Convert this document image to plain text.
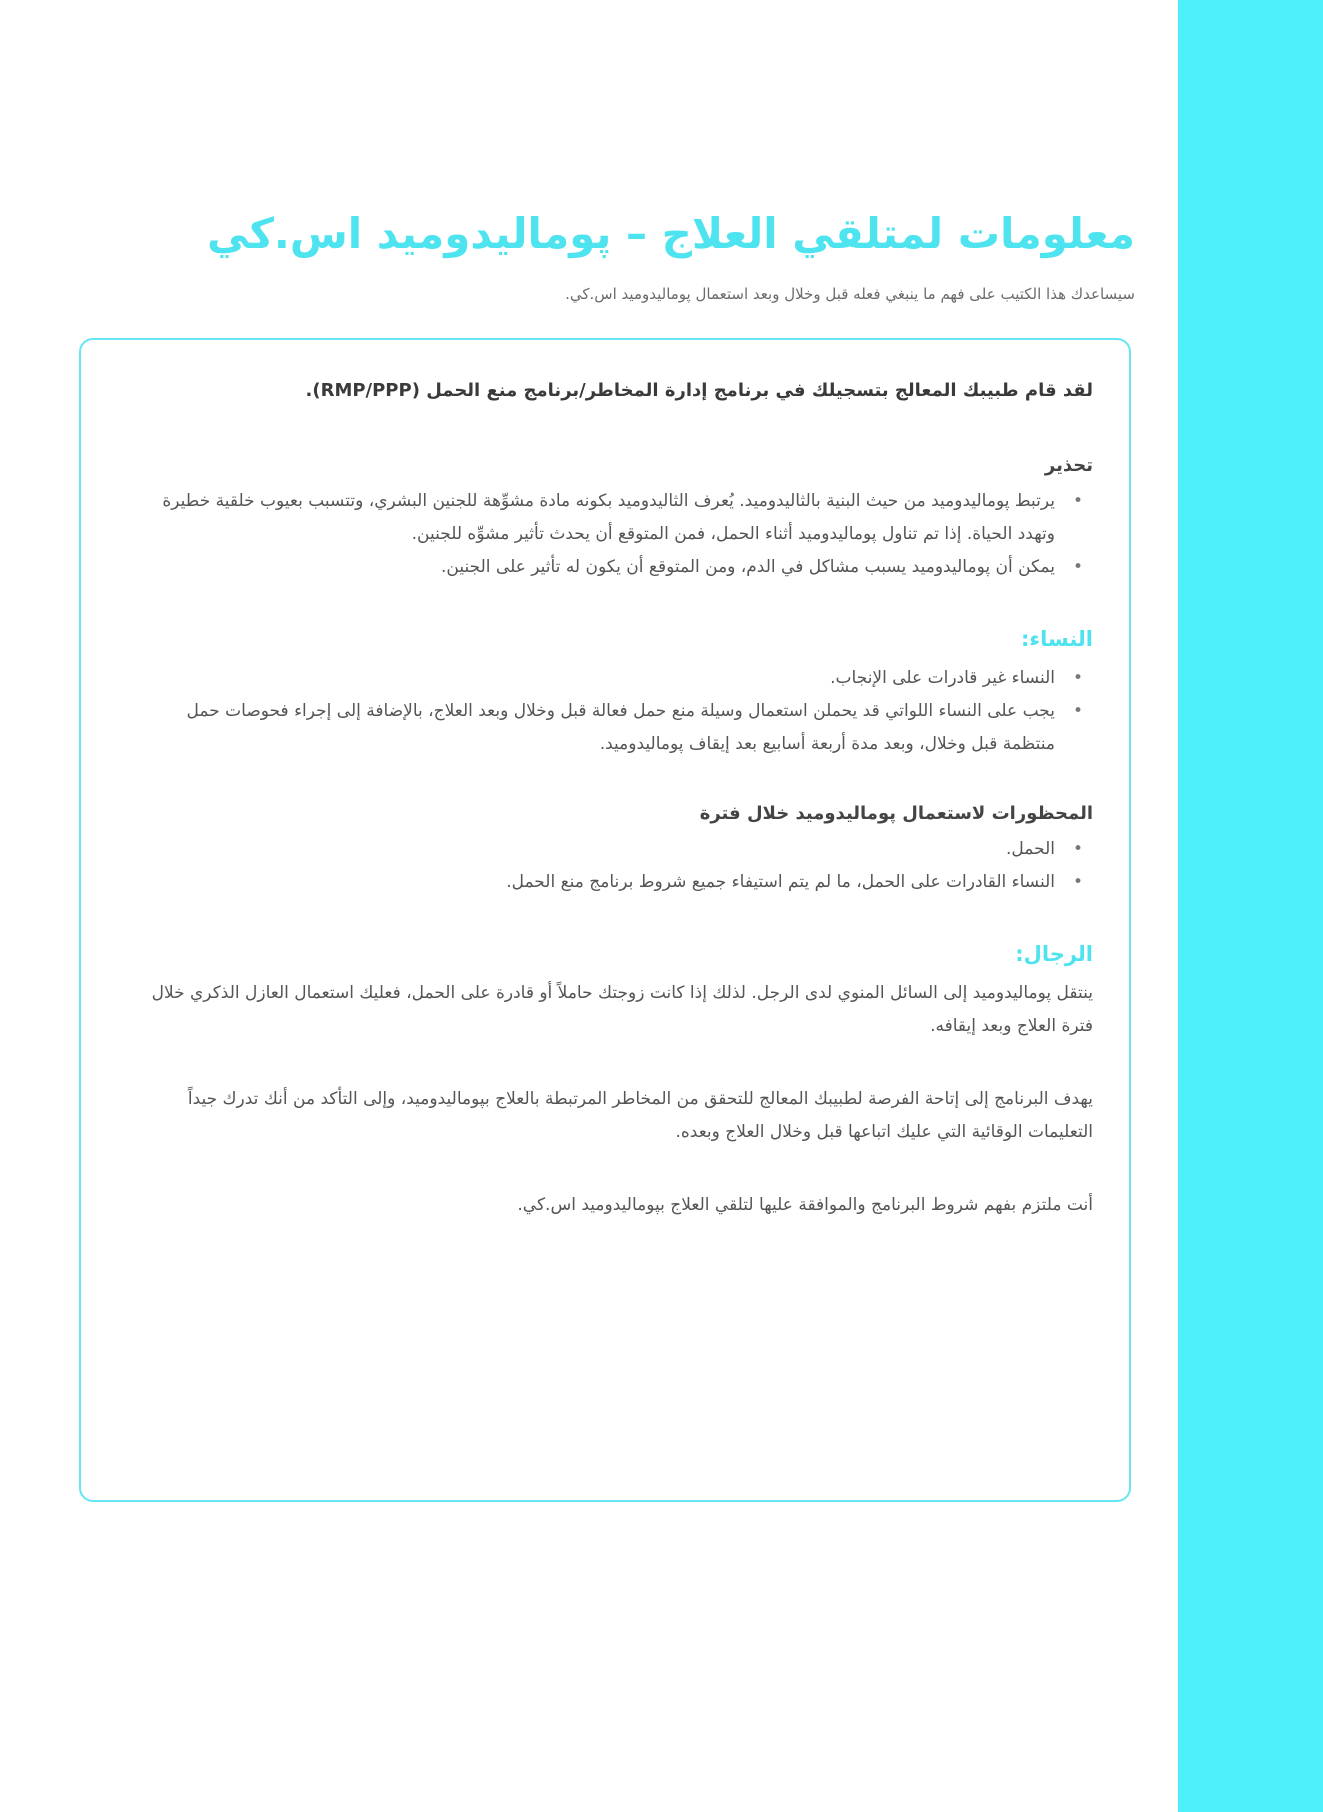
معلومات لمتلقي العلاج – پوماليدوميد اس.كي

سيساعدك هذا الكتيب على فهم ما ينبغي فعله قبل وخلال وبعد استعمال پوماليدوميد اس.كي.

لقد قام طبيبك المعالج بتسجيلك في برنامج إدارة المخاطر/برنامج منع الحمل (RMP/PPP).

تحذير
• يرتبط پوماليدوميد من حيث البنية بالثاليدوميد. يُعرف الثاليدوميد بكونه مادة مشوِّهة للجنين البشري، وتتسبب بعيوب خلقية خطيرة وتهدد الحياة. إذا تم تناول پوماليدوميد أثناء الحمل، فمن المتوقع أن يحدث تأثير مشوِّه للجنين.
• يمكن أن پوماليدوميد يسبب مشاكل في الدم، ومن المتوقع أن يكون له تأثير على الجنين.
النساء:
• النساء غير قادرات على الإنجاب.
• يجب على النساء اللواتي قد يحملن استعمال وسيلة منع حمل فعالة قبل وخلال وبعد العلاج، بالإضافة إلى إجراء فحوصات حمل منتظمة قبل وخلال، وبعد مدة أربعة أسابيع بعد إيقاف پوماليدوميد.
المحظورات لاستعمال پوماليدوميد خلال فترة
• الحمل.
• النساء القادرات على الحمل، ما لم يتم استيفاء جميع شروط برنامج منع الحمل.
الرجال:

ينتقل پوماليدوميد إلى السائل المنوي لدى الرجل. لذلك إذا كانت زوجتك حاملاً أو قادرة على الحمل، فعليك استعمال العازل الذكري خلال فترة العلاج وبعد إيقافه.

يهدف البرنامج إلى إتاحة الفرصة لطبيبك المعالج للتحقق من المخاطر المرتبطة بالعلاج بپوماليدوميد، وإلى التأكد من أنك تدرك جيداً التعليمات الوقائية التي عليك اتباعها قبل وخلال العلاج وبعده.

أنت ملتزم بفهم شروط البرنامج والموافقة عليها لتلقي العلاج بپوماليدوميد اس.كي.
